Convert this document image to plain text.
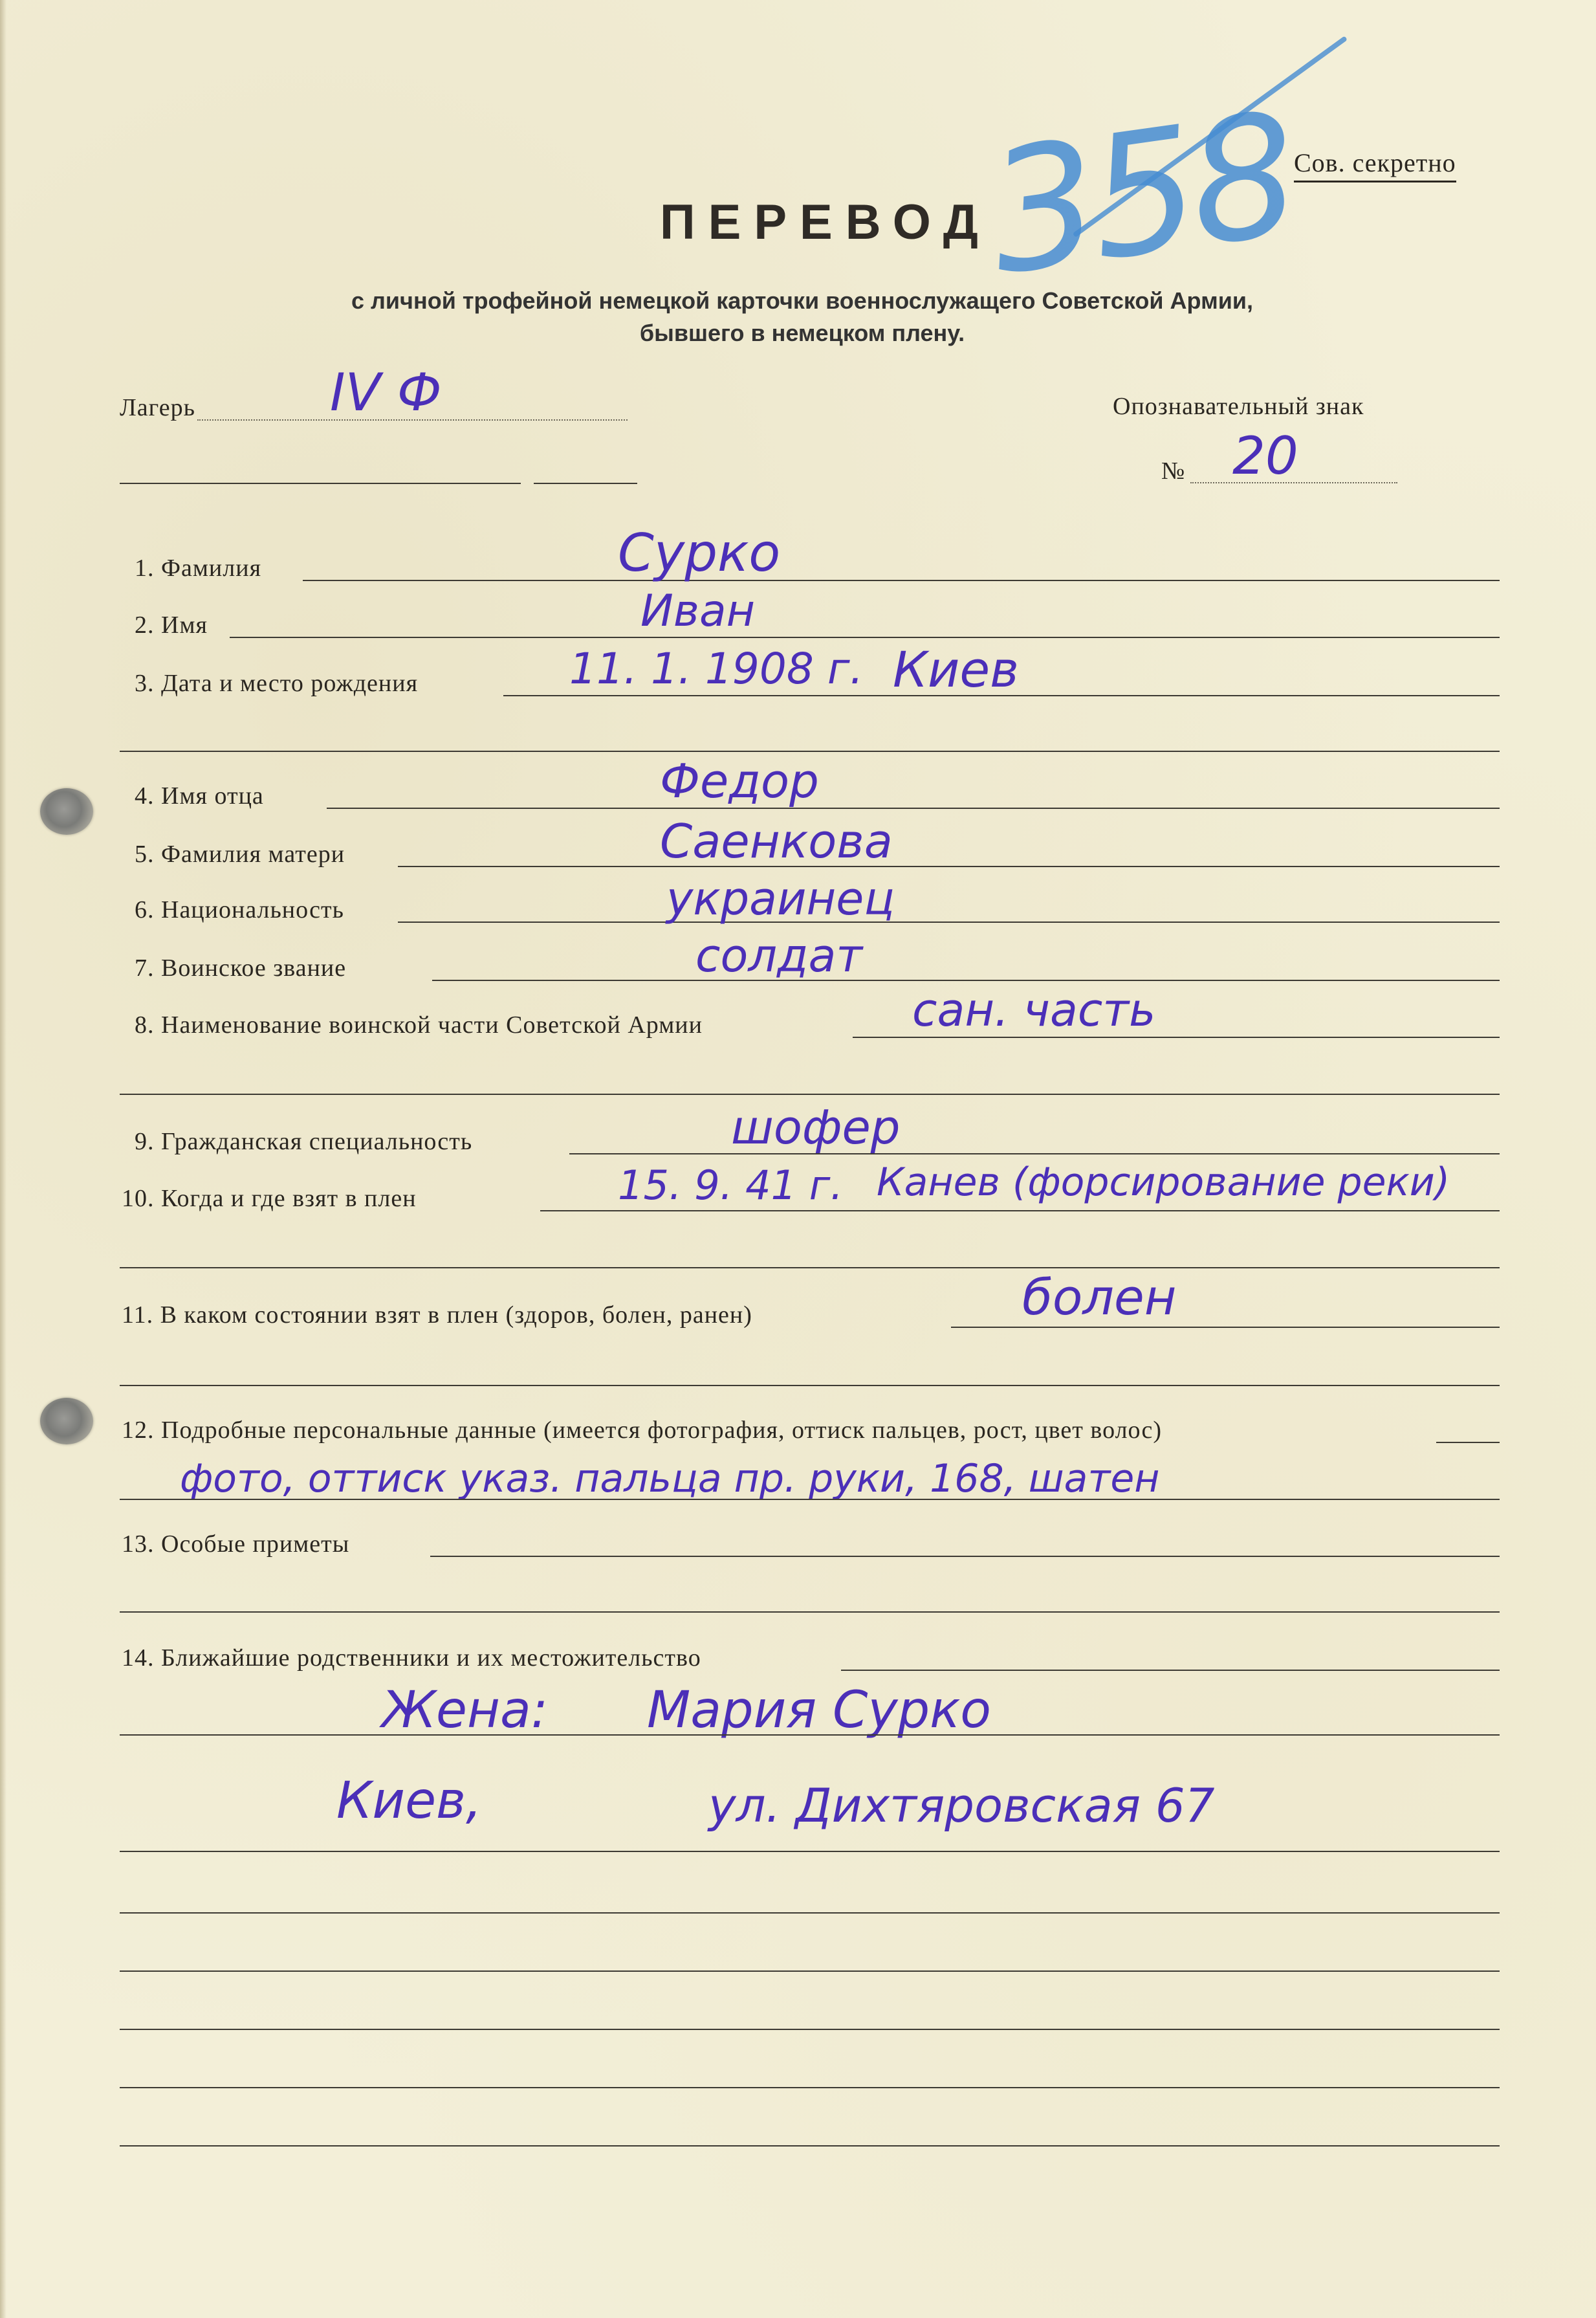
358
Сов. секретно
ПЕРЕВОД
с личной трофейной немецкой карточки военнослужащего Советской Армии,
бывшего в немецком плену.
Лагерь	IV Ф	Опознавательный знак
№ 20
1. Фамилия	Сурко
2. Имя	Иван
3. Дата и место рождения	11. 1. 1908 г. Киев
4. Имя отца	Федор
5. Фамилия матери	Саенкова
6. Национальность	украинец
7. Воинское звание	солдат
8. Наименование воинской части Советской Армии	сан. часть
9. Гражданская специальность	шофер
10. Когда и где взят в плен	15. 9. 41 г. Канев (форсирование реки)
11. В каком состоянии взят в плен (здоров, болен, ранен)	болен
12. Подробные персональные данные (имеется фотография, оттиск пальцев, рост, цвет волос)
фото, оттиск указ. пальца пр. руки, 168, шатен
13. Особые приметы
14. Ближайшие родственники и их местожительство
Жена: Мария Сурко
Киев,	ул. Дихтяровская 67
